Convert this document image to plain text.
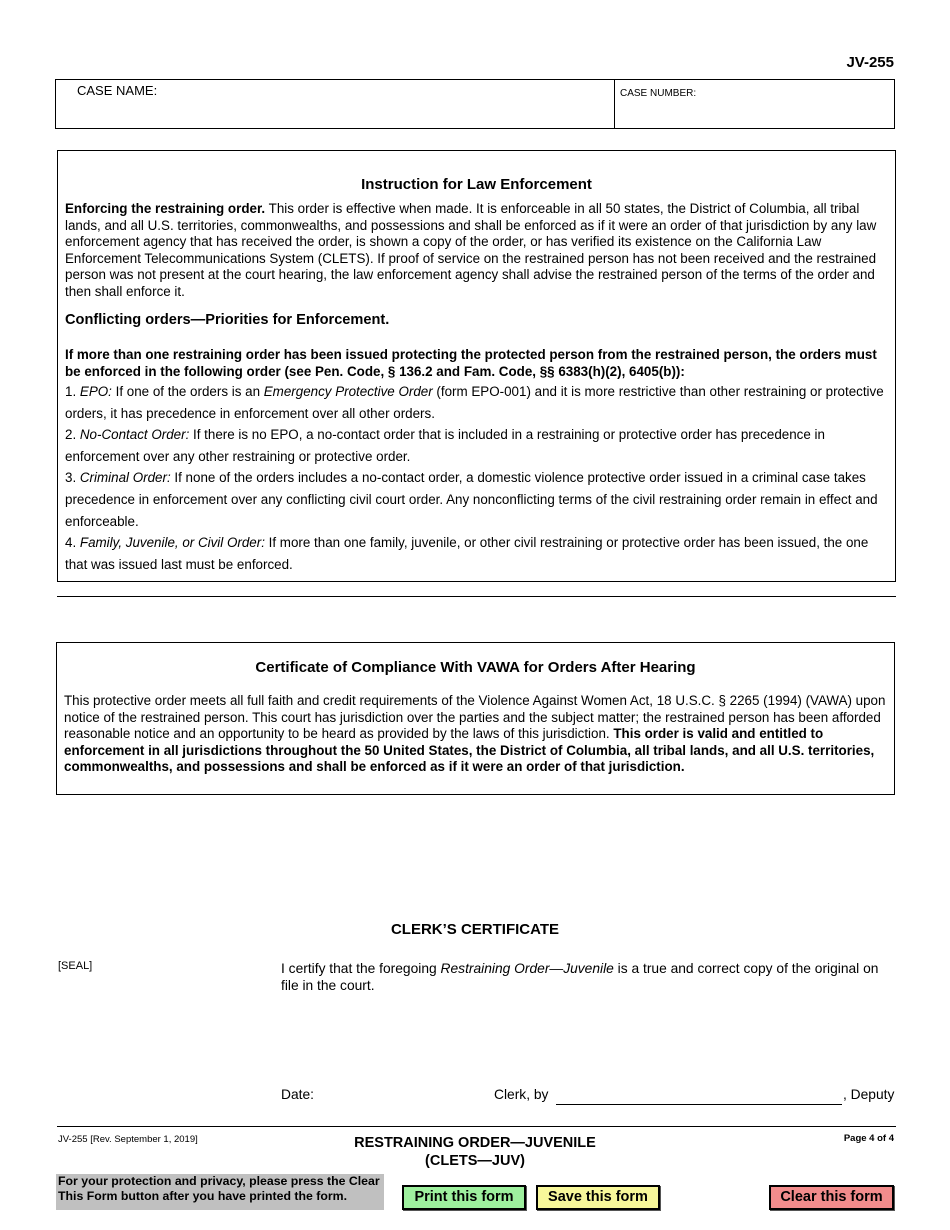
JV-255
CASE NAME:	CASE NUMBER:
Instruction for Law Enforcement
Enforcing the restraining order. This order is effective when made. It is enforceable in all 50 states, the District of Columbia, all tribal lands, and all U.S. territories, commonwealths, and possessions and shall be enforced as if it were an order of that jurisdiction by any law enforcement agency that has received the order, is shown a copy of the order, or has verified its existence on the California Law Enforcement Telecommunications System (CLETS). If proof of service on the restrained person has not been received and the restrained person was not present at the court hearing, the law enforcement agency shall advise the restrained person of the terms of the order and then shall enforce it.
Conflicting orders—Priorities for Enforcement.
If more than one restraining order has been issued protecting the protected person from the restrained person, the orders must be enforced in the following order (see Pen. Code, § 136.2 and Fam. Code, §§ 6383(h)(2), 6405(b)):
1. EPO: If one of the orders is an Emergency Protective Order (form EPO-001) and it is more restrictive than other restraining or protective orders, it has precedence in enforcement over all other orders.
2. No-Contact Order: If there is no EPO, a no-contact order that is included in a restraining or protective order has precedence in enforcement over any other restraining or protective order.
3. Criminal Order: If none of the orders includes a no-contact order, a domestic violence protective order issued in a criminal case takes precedence in enforcement over any conflicting civil court order. Any nonconflicting terms of the civil restraining order remain in effect and enforceable.
4. Family, Juvenile, or Civil Order: If more than one family, juvenile, or other civil restraining or protective order has been issued, the one that was issued last must be enforced.
Certificate of Compliance With VAWA for Orders After Hearing
This protective order meets all full faith and credit requirements of the Violence Against Women Act, 18 U.S.C. § 2265 (1994) (VAWA) upon notice of the restrained person. This court has jurisdiction over the parties and the subject matter; the restrained person has been afforded reasonable notice and an opportunity to be heard as provided by the laws of this jurisdiction. This order is valid and entitled to enforcement in all jurisdictions throughout the 50 United States, the District of Columbia, all tribal lands, and all U.S. territories, commonwealths, and possessions and shall be enforced as if it were an order of that jurisdiction.
CLERK’S CERTIFICATE
[SEAL]	I certify that the foregoing Restraining Order—Juvenile is a true and correct copy of the original on file in the court.
Date:	Clerk, by	, Deputy
JV-255 [Rev. September 1, 2019]	RESTRAINING ORDER—JUVENILE
(CLETS—JUV)
Page 4 of 4
For your protection and privacy, please press the Clear This Form button after you have printed the form.	Print this form	Save this form	Clear this form
